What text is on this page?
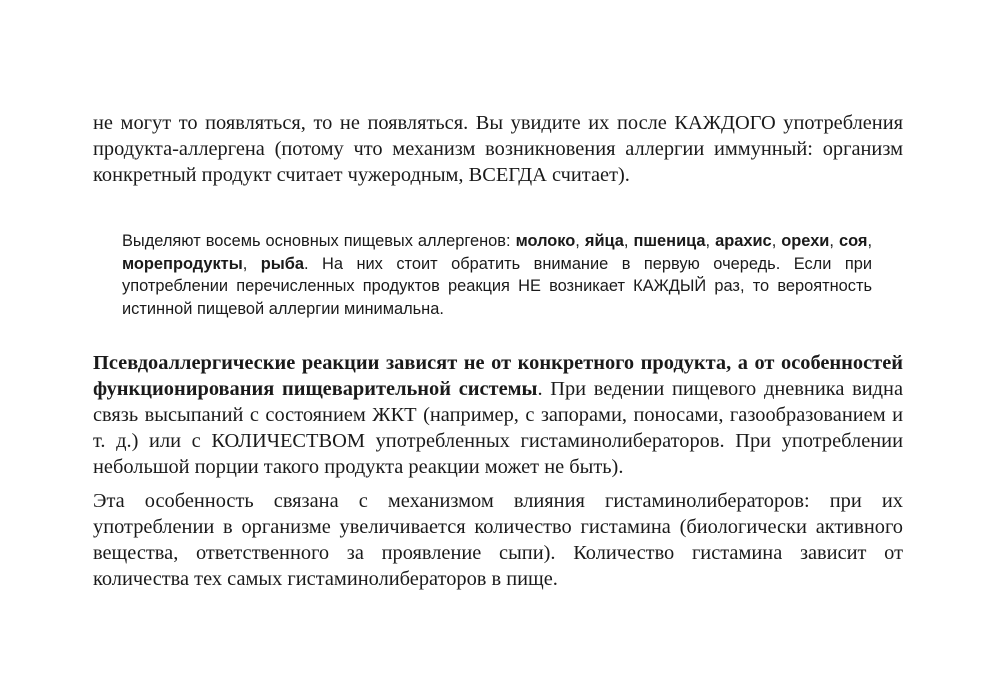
не могут то появляться, то не появляться. Вы увидите их после КАЖДОГО употребления продукта-аллергена (потому что механизм возникновения аллергии иммунный: организм конкретный продукт считает чужеродным, ВСЕГДА считает).

Выделяют восемь основных пищевых аллергенов: молоко, яйца, пшеница, арахис, орехи, соя, морепродукты, рыба. На них стоит обратить внимание в первую очередь. Если при употреблении перечисленных продуктов реакция НЕ возникает КАЖДЫЙ раз, то вероятность истинной пищевой аллергии минимальна.

Псевдоаллергические реакции зависят не от конкретного продукта, а от особенностей функционирования пищеварительной системы. При ведении пищевого дневника видна связь высыпаний с состоянием ЖКТ (например, с запорами, поносами, газообразованием и т. д.) или с КОЛИЧЕСТВОМ употребленных гистаминолибераторов. При употреблении небольшой порции такого продукта реакции может не быть).

Эта особенность связана с механизмом влияния гистаминолибераторов: при их употреблении в организме увеличивается количество гистамина (биологически активного вещества, ответственного за проявление сыпи). Количество гистамина зависит от количества тех самых гистаминолибераторов в пище.
